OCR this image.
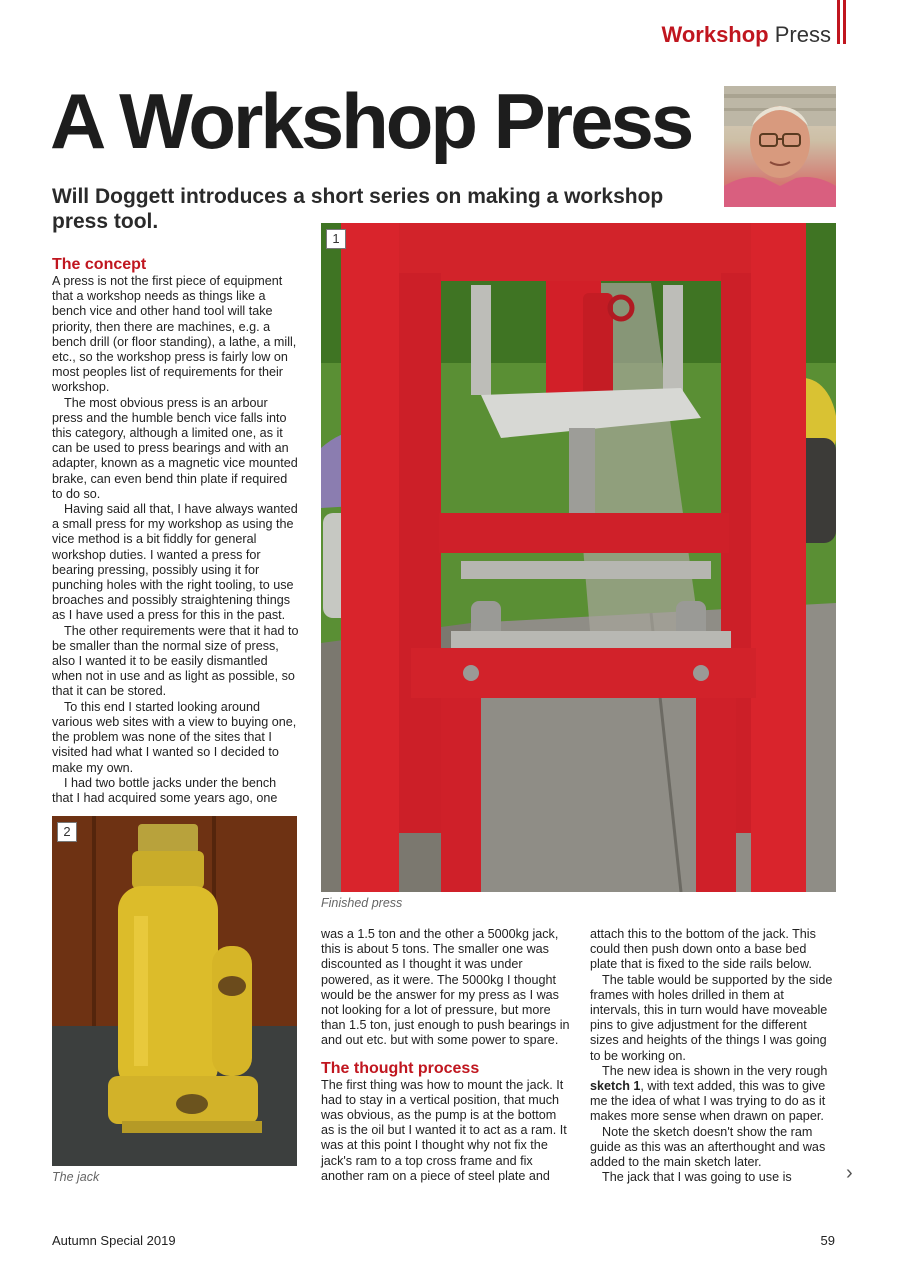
Workshop Press
A Workshop Press
Will Doggett introduces a short series on making a workshop press tool.
The concept

A press is not the first piece of equipment that a workshop needs as things like a bench vice and other hand tool will take priority, then there are machines, e.g. a bench drill (or floor standing), a lathe, a mill, etc., so the workshop press is fairly low on most peoples list of requirements for their workshop.

The most obvious press is an arbour press and the humble bench vice falls into this category, although a limited one, as it can be used to press bearings and with an adapter, known as a magnetic vice mounted brake, can even bend thin plate if required to do so.

Having said all that, I have always wanted a small press for my workshop as using the vice method is a bit fiddly for general workshop duties. I wanted a press for bearing pressing, possibly using it for punching holes with the right tooling, to use broaches and possibly straightening things as I have used a press for this in the past.

The other requirements were that it had to be smaller than the normal size of press, also I wanted it to be easily dismantled when not in use and as light as possible, so that it can be stored.

To this end I started looking around various web sites with a view to buying one, the problem was none of the sites that I visited had what I wanted so I decided to make my own.

I had two bottle jacks under the bench that I had acquired some years ago, one

1
Finished press
2
The jack

was a 1.5 ton and the other a 5000kg jack, this is about 5 tons. The smaller one was discounted as I thought it was under powered, as it were. The 5000kg I thought would be the answer for my press as I was not looking for a lot of pressure, but more than 1.5 ton, just enough to push bearings in and out etc. but with some power to spare.

The thought process

The first thing was how to mount the jack. It had to stay in a vertical position, that much was obvious, as the pump is at the bottom as is the oil but I wanted it to act as a ram. It was at this point I thought why not fix the jack's ram to a top cross frame and fix another ram on a piece of steel plate and

attach this to the bottom of the jack. This could then push down onto a base bed plate that is fixed to the side rails below.

The table would be supported by the side frames with holes drilled in them at intervals, this in turn would have moveable pins to give adjustment for the different sizes and heights of the things I was going to be working on.

The new idea is shown in the very rough sketch 1, with text added, this was to give me the idea of what I was trying to do as it makes more sense when drawn on paper.

Note the sketch doesn't show the ram guide as this was an afterthought and was added to the main sketch later.

The jack that I was going to use is	›
Autumn Special 2019	59
